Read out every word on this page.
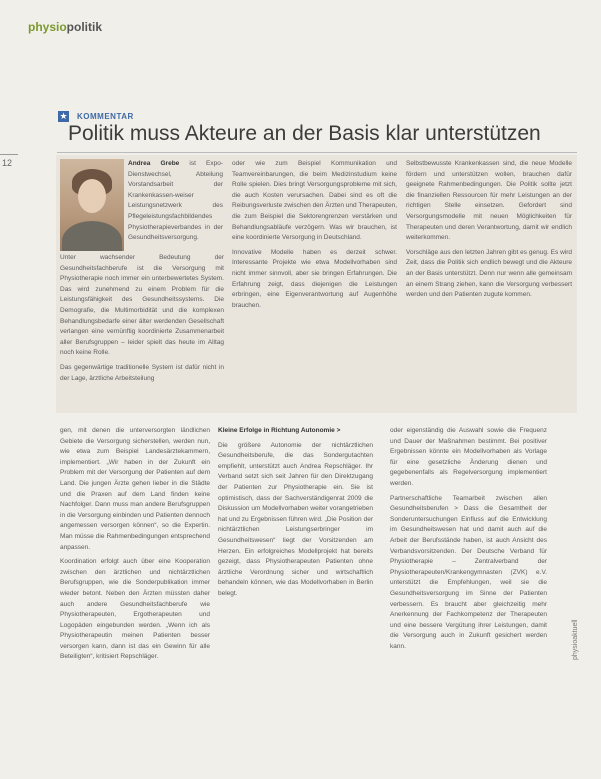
physiopolitik
12
★ KOMMENTAR
Politik muss Akteure an der Basis klar unterstützen

Andrea Grebe ist Expo- Dienstwechsel, Abteilung Vorstandsarbeit der Krankenkassen-weiser Leistungsnetzwerk des Pflegeleistungsfachbildendes Physiotherapieverbandes in der Gesundheitsversorgung.

Unter wachsender Bedeutung der Gesundheitsfachberufe ist die Versorgung mit Physiotherapie noch immer ein unterbewertetes System. Das wird zunehmend zu einem Problem für die Leistungsfähigkeit des Gesundheitssystems. Die Demografie, die Multimorbidität und die komplexen Behandlungsbedarfe einer älter werdenden Gesellschaft verlangen eine vernünftig koordinierte Zusammenarbeit aller Berufsgruppen – leider spielt das heute im Alltag noch keine Rolle.

Das gegenwärtige traditionelle System ist dafür nicht in der Lage, ärztliche Arbeitsteilung

oder wie zum Beispiel Kommunikation und Teamvereinbarungen, die beim Medizinstudium keine Rolle spielen. Dies bringt Versorgungsprobleme mit sich, die auch Kosten verursachen. Dabei sind es oft die Reibungsverluste zwischen den Ärzten und Therapeuten, die zum Beispiel die Sektorengrenzen verstärken und Behandlungsabläufe verzögern. Was wir brauchen, ist eine koordinierte Versorgung in Deutschland.

Innovative Modelle haben es derzeit schwer. Interessante Projekte wie etwa Modellvorhaben sind nicht immer sinnvoll, aber sie bringen Erfahrungen. Die Erfahrung zeigt, dass diejenigen die Leistungen erbringen, eine Eigenverantwortung auf Augenhöhe brauchen.

Selbstbewusste Krankenkassen sind, die neue Modelle fördern und unterstützen wollen, brauchen dafür geeignete Rahmenbedingungen. Die Politik sollte jetzt die finanziellen Ressourcen für mehr Leistungen an der richtigen Stelle einsetzen. Gefordert sind Versorgungsmodelle mit neuen Möglichkeiten für Therapeuten und deren Verantwortung, damit wir endlich weiterkommen.

Vorschläge aus den letzten Jahren gibt es genug. Es wird Zeit, dass die Politik sich endlich bewegt und die Akteure an der Basis unterstützt. Denn nur wenn alle gemeinsam an einem Strang ziehen, kann die Versorgung verbessert werden und den Patienten zugute kommen.

gen, mit denen die unterversorgten ländlichen Gebiete die Versorgung sicherstellen, werden nun, wie etwa zum Beispiel Landesärztekammern, implementiert. „Wir haben in der Zukunft ein Problem mit der Versorgung der Patienten auf dem Land. Die jungen Ärzte gehen lieber in die Städte und die Praxen auf dem Land finden keine Nachfolger. Dann muss man andere Berufsgruppen in die Versorgung einbinden und Patienten dennoch angemessen versorgen können“, so die Expertin. Man müsse die Rahmenbedingungen entsprechend anpassen.

Koordination erfolgt auch über eine Kooperation zwischen den ärztlichen und nichtärztlichen Berufsgruppen, wie die Sonderpublikation immer wieder betont. Neben den Ärzten müssten daher auch andere Gesundheitsfachberufe wie Physiotherapeuten, Ergotherapeuten und Logopäden eingebunden werden. „Wenn ich als Physiotherapeutin meinen Patienten besser versorgen kann, dann ist das ein Gewinn für alle Beteiligten“, kritisiert Repschläger.

Kleine Erfolge in Richtung Autonomie >

Die größere Autonomie der nichtärztlichen Gesundheitsberufe, die das Sondergutachten empfiehlt, unterstützt auch Andrea Repschläger. Ihr Verband setzt sich seit Jahren für den Direktzugang der Patienten zur Physiotherapie ein. Sie ist optimistisch, dass der Sachverständigenrat 2009 die Diskussion um Modellvorhaben weiter vorangetrieben hat und zu Ergebnissen führen wird. „Die Position der nichtärztlichen Leistungserbringer im Gesundheitswesen“ liegt der Vorsitzenden am Herzen. Ein erfolgreiches Modellprojekt hat bereits gezeigt, dass Physiotherapeuten Patienten ohne ärztliche Verordnung sicher und wirtschaftlich behandeln können, wie das Modellvorhaben in Berlin belegt.

oder eigenständig die Auswahl sowie die Frequenz und Dauer der Maßnahmen bestimmt. Bei positiver Ergebnissen könnte ein Modellvorhaben als Vorlage für eine gesetzliche Änderung dienen und gegebenenfalls als Regelversorgung implementiert werden.

Partnerschaftliche Teamarbeit zwischen allen Gesundheitsberufen > Dass die Gesamtheit der Sonderuntersuchungen Einfluss auf die Entwicklung im Gesundheitswesen hat und damit auch auf die Arbeit der Berufsstände haben, ist auch Ansicht des Verbandsvorsitzenden. Der Deutsche Verband für Physiotherapie – Zentralverband der Physiotherapeuten/Krankengymnasten (ZVK) e.V. unterstützt die Empfehlungen, weil sie die Gesundheitsversorgung im Sinne der Patienten verbessern. Es braucht aber gleichzeitig mehr Anerkennung der Fachkompetenz der Therapeuten und eine bessere Vergütung ihrer Leistungen, damit die Versorgung auch in Zukunft gesichert werden kann.	physioaktuell
